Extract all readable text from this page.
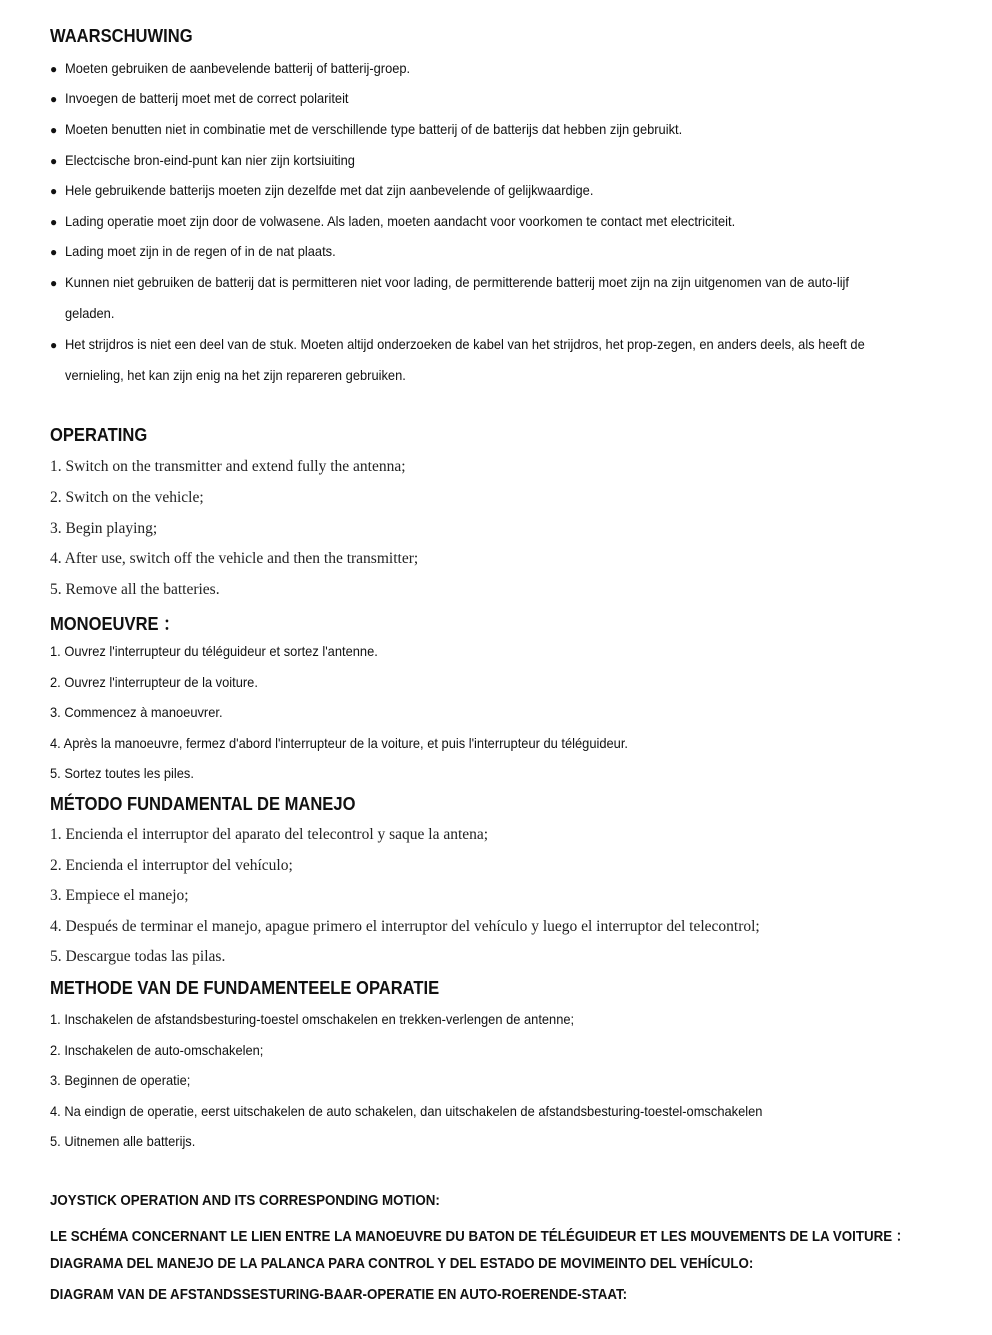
WAARSCHUWING
● Moeten gebruiken de aanbevelende batterij of batterij-groep.
● Invoegen de batterij moet met de correct polariteit
● Moeten benutten niet in combinatie met de verschillende type batterij of de batterijs dat hebben zijn gebruikt.
● Electcische bron-eind-punt kan nier zijn kortsiuiting
● Hele gebruikende batterijs moeten zijn dezelfde met dat zijn aanbevelende of gelijkwaardige.
● Lading operatie moet zijn door de volwasene. Als laden, moeten aandacht voor voorkomen te contact met electriciteit.
● Lading moet zijn in de regen of in de nat plaats.
● Kunnen niet gebruiken de batterij dat is permitteren niet voor lading, de permitterende batterij moet zijn na zijn uitgenomen van de auto-lijf
geladen.
● Het strijdros is niet een deel van de stuk. Moeten altijd onderzoeken de kabel van het strijdros, het prop-zegen, en anders deels, als heeft de
vernieling, het kan zijn enig na het zijn repareren gebruiken.
OPERATING
1. Switch on the transmitter and extend fully the antenna;
2. Switch on the vehicle;
3. Begin playing;
4. After use, switch off the vehicle and then the transmitter;
5. Remove all the batteries.
MONOEUVRE ：
1. Ouvrez l'interrupteur du téléguideur et sortez l'antenne.
2. Ouvrez l'interrupteur de la voiture.
3. Commencez à manoeuvrer.
4. Après la manoeuvre, fermez d'abord l'interrupteur de la voiture, et puis l'interrupteur du téléguideur.
5. Sortez toutes les piles.
MÉTODO FUNDAMENTAL DE MANEJO
1. Encienda el interruptor del aparato del telecontrol y saque la antena;
2. Encienda el interruptor del vehículo;
3. Empiece el manejo;
4. Después de terminar el manejo, apague primero el interruptor del vehículo y luego el interruptor del telecontrol;
5. Descargue todas las pilas.
METHODE VAN DE FUNDAMENTEELE OPARATIE
1. Inschakelen de afstandsbesturing-toestel omschakelen en trekken-verlengen de antenne;
2. Inschakelen de auto-omschakelen;
3. Beginnen de operatie;
4. Na eindign de operatie, eerst uitschakelen de auto schakelen, dan uitschakelen de afstandsbesturing-toestel-omschakelen
5. Uitnemen alle batterijs.
JOYSTICK OPERATION AND ITS CORRESPONDING MOTION:
LE SCHÉMA CONCERNANT LE LIEN ENTRE LA MANOEUVRE DU BATON DE TÉLÉGUIDEUR ET LES MOUVEMENTS DE LA VOITURE ：
DIAGRAMA DEL MANEJO DE LA PALANCA PARA CONTROL Y DEL ESTADO DE MOVIMEINTO DEL VEHÍCULO:
DIAGRAM VAN DE AFSTANDSSESTURING-BAAR-OPERATIE EN AUTO-ROERENDE-STAAT:
